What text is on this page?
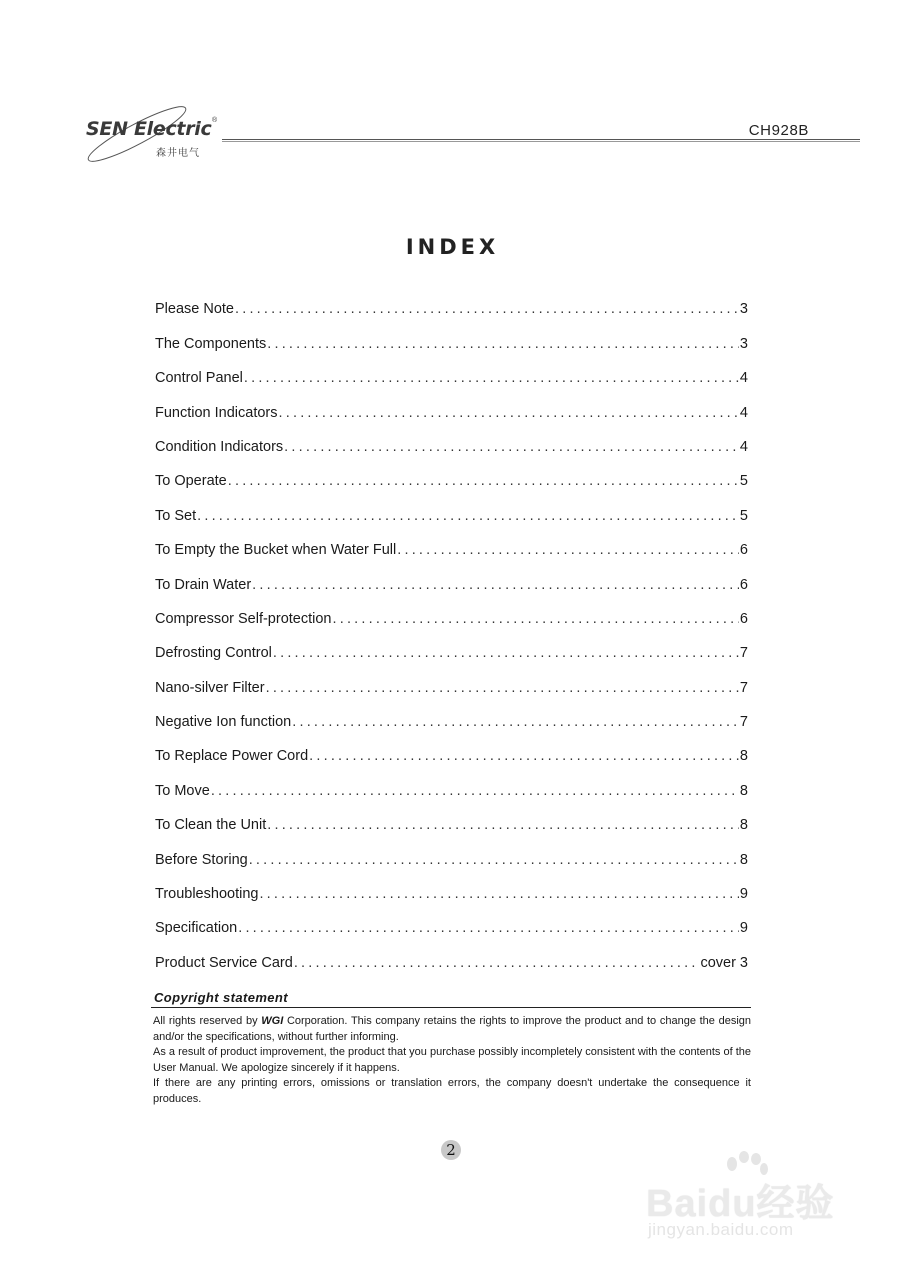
SEN Electric ®
森井电气
CH928B
INDEX
Please Note .....	3
The Components .....	3
Control Panel .....	4
Function Indicators .....	4
Condition Indicators .....	4
To Operate .....	5
To Set .....	5
To Empty the Bucket when Water Full .....	6
To Drain Water .....	6
Compressor Self-protection .....	6
Defrosting Control .....	7
Nano-silver Filter .....	7
Negative Ion function .....	7
To Replace Power Cord .....	8
To Move .....	8
To Clean the Unit .....	8
Before Storing .....	8
Troubleshooting .....	9
Specification .....	9
Product Service Card .....	cover 3
Copyright statement

All rights reserved by WGI Corporation. This company retains the rights to improve the product and to change the design and/or the specifications, without further informing.

As a result of product improvement, the product that you purchase possibly incompletely consistent with the contents of the User Manual. We apologize sincerely if it happens.

If there are any printing errors, omissions or translation errors, the company doesn't undertake the consequence it produces.

2
Baidu经验
jingyan.baidu.com
